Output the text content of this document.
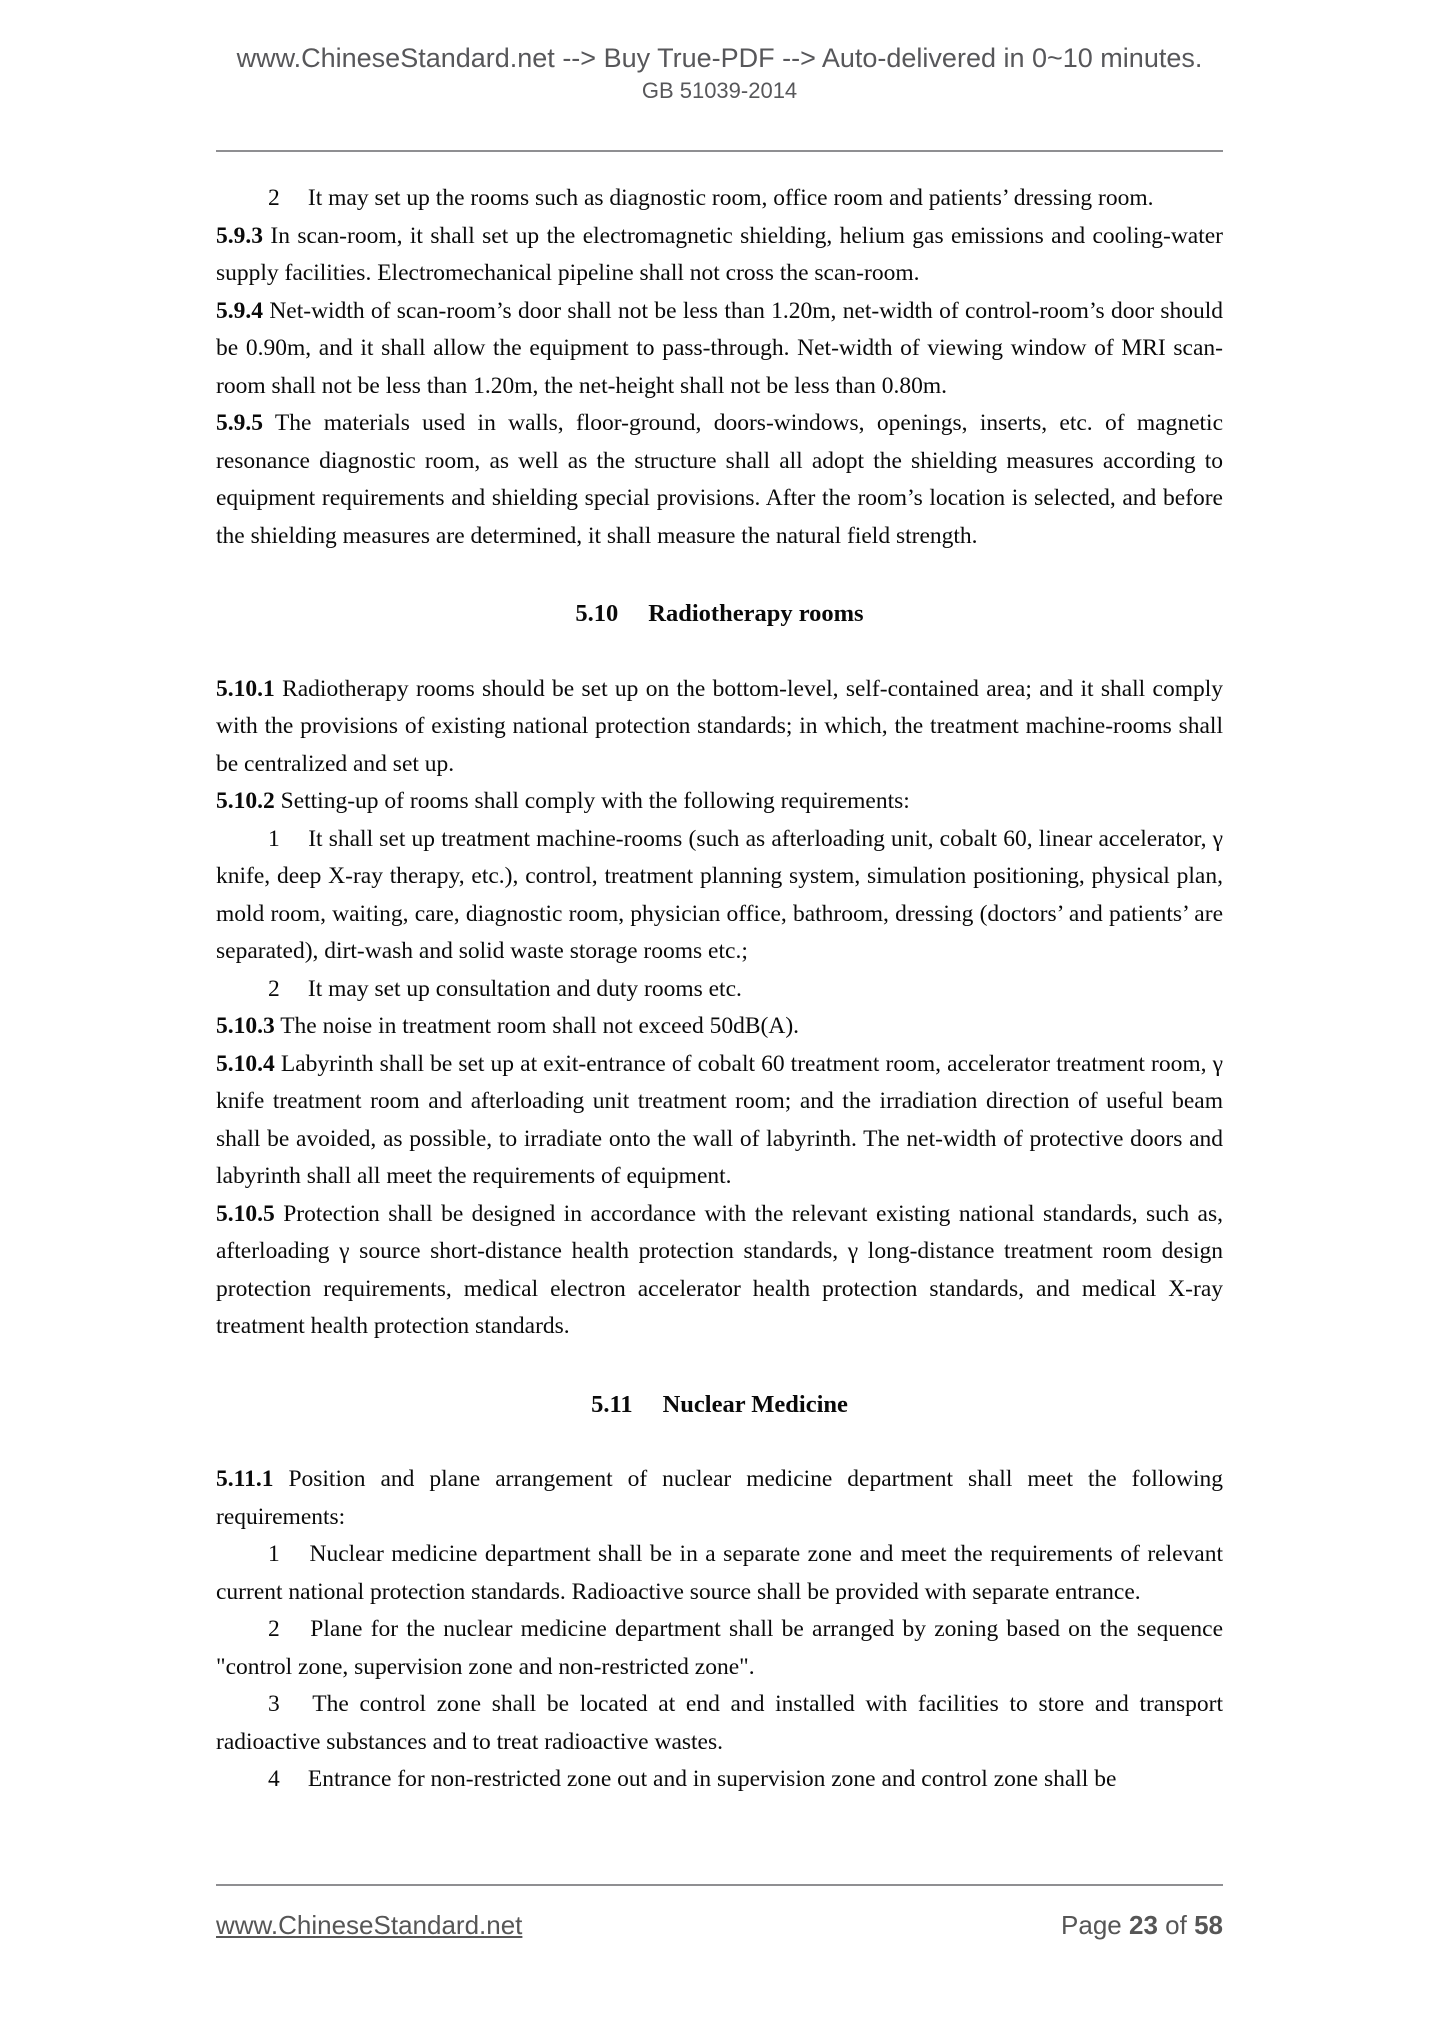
www.ChineseStandard.net --> Buy True-PDF --> Auto-delivered in 0~10 minutes.
GB 51039-2014

2 It may set up the rooms such as diagnostic room, office room and patients’ dressing room.

5.9.3 In scan-room, it shall set up the electromagnetic shielding, helium gas emissions and cooling-water supply facilities. Electromechanical pipeline shall not cross the scan-room.

5.9.4 Net-width of scan-room’s door shall not be less than 1.20m, net-width of control-room’s door should be 0.90m, and it shall allow the equipment to pass-through. Net-width of viewing window of MRI scan-room shall not be less than 1.20m, the net-height shall not be less than 0.80m.

5.9.5 The materials used in walls, floor-ground, doors-windows, openings, inserts, etc. of magnetic resonance diagnostic room, as well as the structure shall all adopt the shielding measures according to equipment requirements and shielding special provisions. After the room’s location is selected, and before the shielding measures are determined, it shall measure the natural field strength.

5.10 Radiotherapy rooms

5.10.1 Radiotherapy rooms should be set up on the bottom-level, self-contained area; and it shall comply with the provisions of existing national protection standards; in which, the treatment machine-rooms shall be centralized and set up.

5.10.2 Setting-up of rooms shall comply with the following requirements:

1 It shall set up treatment machine-rooms (such as afterloading unit, cobalt 60, linear accelerator, γ knife, deep X-ray therapy, etc.), control, treatment planning system, simulation positioning, physical plan, mold room, waiting, care, diagnostic room, physician office, bathroom, dressing (doctors’ and patients’ are separated), dirt-wash and solid waste storage rooms etc.;

2 It may set up consultation and duty rooms etc.

5.10.3 The noise in treatment room shall not exceed 50dB(A).

5.10.4 Labyrinth shall be set up at exit-entrance of cobalt 60 treatment room, accelerator treatment room, γ knife treatment room and afterloading unit treatment room; and the irradiation direction of useful beam shall be avoided, as possible, to irradiate onto the wall of labyrinth. The net-width of protective doors and labyrinth shall all meet the requirements of equipment.

5.10.5 Protection shall be designed in accordance with the relevant existing national standards, such as, afterloading γ source short-distance health protection standards, γ long-distance treatment room design protection requirements, medical electron accelerator health protection standards, and medical X-ray treatment health protection standards.

5.11 Nuclear Medicine

5.11.1 Position and plane arrangement of nuclear medicine department shall meet the following requirements:

1 Nuclear medicine department shall be in a separate zone and meet the requirements of relevant current national protection standards. Radioactive source shall be provided with separate entrance.

2 Plane for the nuclear medicine department shall be arranged by zoning based on the sequence "control zone, supervision zone and non-restricted zone".

3 The control zone shall be located at end and installed with facilities to store and transport radioactive substances and to treat radioactive wastes.

4 Entrance for non-restricted zone out and in supervision zone and control zone shall be

www.ChineseStandard.net	Page 23 of 58
